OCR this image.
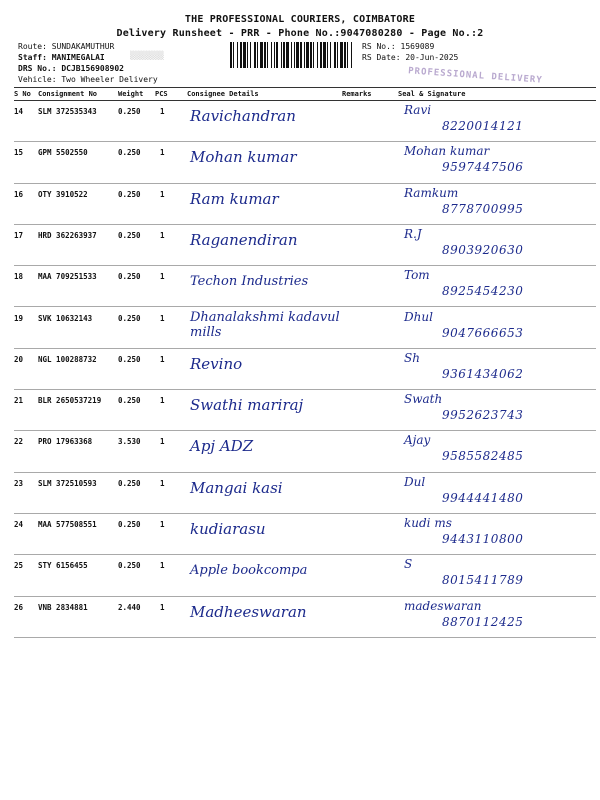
THE PROFESSIONAL COURIERS, COIMBATORE
Delivery Runsheet - PRR - Phone No.:9047080280 - Page No.:2
Route: SUNDAKAMUTHUR
Staff: MANIMEGALAI	▒▒▒▒▒▒▒
DRS No.: DCJB156908902
Vehicle: Two Wheeler Delivery
RS No.: 1569089
RS Date: 20-Jun-2025
PROFESSIONAL DELIVERY
S No Consignment No	Weight PCS	Consignee Details	Remarks	Seal & Signature
14 SLM 372535343	0.250	1 Ravichandran	Ravi
8220014121
15 GPM 5502550	0.250	1 Mohan kumar	Mohan kumar
9597447506
16 OTY 3910522	0.250	1 Ram kumar	Ramkum
8778700995
17 HRD 362263937	0.250	1 Raganendiran	R.J
8903920630
18 MAA 709251533	0.250	1 Techon Industries	Tom
8925454230
19 SVK 10632143	0.250	1 Dhanalakshmi kadavul mills
Dhul
9047666653
20 NGL 100288732	0.250	1 Revino	Sh
9361434062
21 BLR 2650537219 0.250	1 Swathi mariraj	Swath
9952623743
22 PRO 17963368	3.530	1 Apj ADZ	Ajay
9585582485
23 SLM 372510593	0.250	1 Mangai kasi	Dul
9944441480
24 MAA 577508551	0.250	1 kudiarasu	kudi ms
9443110800
25 STY 6156455	0.250	1 Apple bookcompa	S
8015411789
26 VNB 2834881	2.440	1 Madheeswaran	madeswaran
8870112425
